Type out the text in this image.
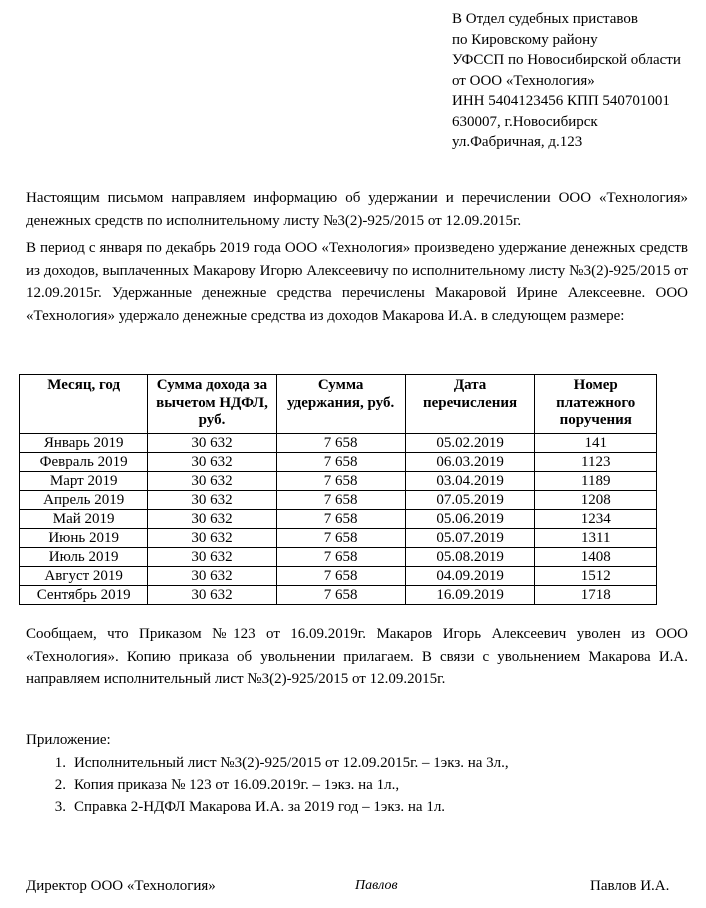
В Отдел судебных приставов
по Кировскому району
УФССП по Новосибирской области
от ООО «Технология»
ИНН 5404123456 КПП 540701001
630007, г.Новосибирск
ул.Фабричная, д.123
Настоящим письмом направляем информацию об удержании и перечислении ООО «Технология» денежных средств по исполнительному листу №3(2)-925/2015 от 12.09.2015г.
В период с января по декабрь 2019 года ООО «Технология» произведено удержание денежных средств из доходов, выплаченных Макарову Игорю Алексеевичу по исполнительному листу №3(2)-925/2015 от 12.09.2015г. Удержанные денежные средства перечислены Макаровой Ирине Алексеевне. ООО «Технология» удержало денежные средства из доходов Макарова И.А. в следующем размере:
Месяц, год	Сумма дохода за вычетом НДФЛ, руб.	Сумма удержания, руб.	Дата перечисления	Номер платежного поручения
Январь 2019	30 632	7 658	05.02.2019	141
Февраль 2019	30 632	7 658	06.03.2019	1123
Март 2019	30 632	7 658	03.04.2019	1189
Апрель 2019	30 632	7 658	07.05.2019	1208
Май 2019	30 632	7 658	05.06.2019	1234
Июнь 2019	30 632	7 658	05.07.2019	1311
Июль 2019	30 632	7 658	05.08.2019	1408
Август 2019	30 632	7 658	04.09.2019	1512
Сентябрь 2019	30 632	7 658	16.09.2019	1718
Сообщаем, что Приказом №123 от 16.09.2019г. Макаров Игорь Алексеевич уволен из ООО «Технология». Копию приказа об увольнении прилагаем. В связи с увольнением Макарова И.А. направляем исполнительный лист №3(2)-925/2015 от 12.09.2015г.
Приложение:
1. Исполнительный лист №3(2)-925/2015 от 12.09.2015г. – 1экз. на 3л.,
2. Копия приказа № 123 от 16.09.2019г. – 1экз. на 1л.,
3. Справка 2-НДФЛ Макарова И.А. за 2019 год – 1экз. на 1л.
Директор ООО «Технология»	Павлов	Павлов И.А.
